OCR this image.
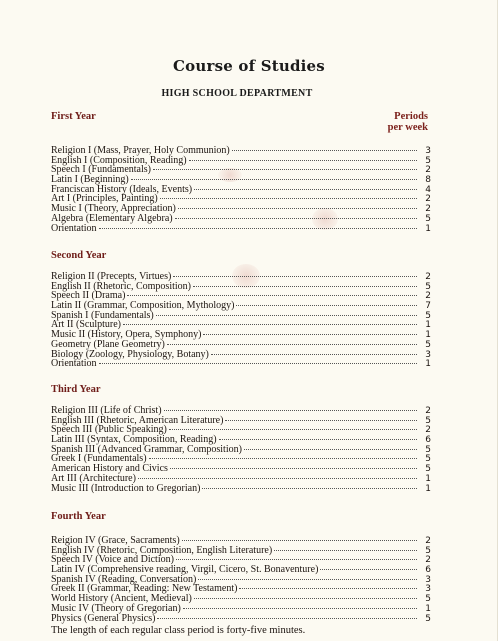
Course of Studies
HIGH SCHOOL DEPARTMENT
Periods
per week
First Year
Religion I (Mass, Prayer, Holy Communion)	3
English I (Composition, Reading)	5
Speech I (Fundamentals)	2
Latin I (Beginning)	8
Franciscan History (Ideals, Events)	4
Art I (Principles, Painting)	2
Music I (Theory, Appreciation)	2
Algebra (Elementary Algebra)	5
Orientation	1
Second Year
Religion II (Precepts, Virtues)	2
English II (Rhetoric, Composition)	5
Speech II (Drama)	2
Latin II (Grammar, Composition, Mythology)	7
Spanish I (Fundamentals)	5
Art II (Sculpture)	1
Music II (History, Opera, Symphony)	1
Geometry (Plane Geometry)	5
Biology (Zoology, Physiology, Botany)	3
Orientation	1
Third Year
Religion III (Life of Christ)	2
English III (Rhetoric, American Literature)	5
Speech III (Public Speaking)	2
Latin III (Syntax, Composition, Reading)	6
Spanish III (Advanced Grammar, Composition)	5
Greek I (Fundamentals)	5
American History and Civics	5
Art III (Architecture)	1
Music III (Introduction to Gregorian)	1
Fourth Year
Reigion IV (Grace, Sacraments)	2
English IV (Rhetoric, Composition, English Literature)	5
Speech IV (Voice and Diction)	2
Latin IV (Comprehensive reading, Virgil, Cicero, St. Bonaventure)	6
Spanish IV (Reading, Conversation)	3
Greek II (Grammar, Reading: New Testament)	3
World History (Ancient, Medieval)	5
Music IV (Theory of Gregorian)	1
Physics (General Physics)	5
The length of each regular class period is forty-five minutes.
